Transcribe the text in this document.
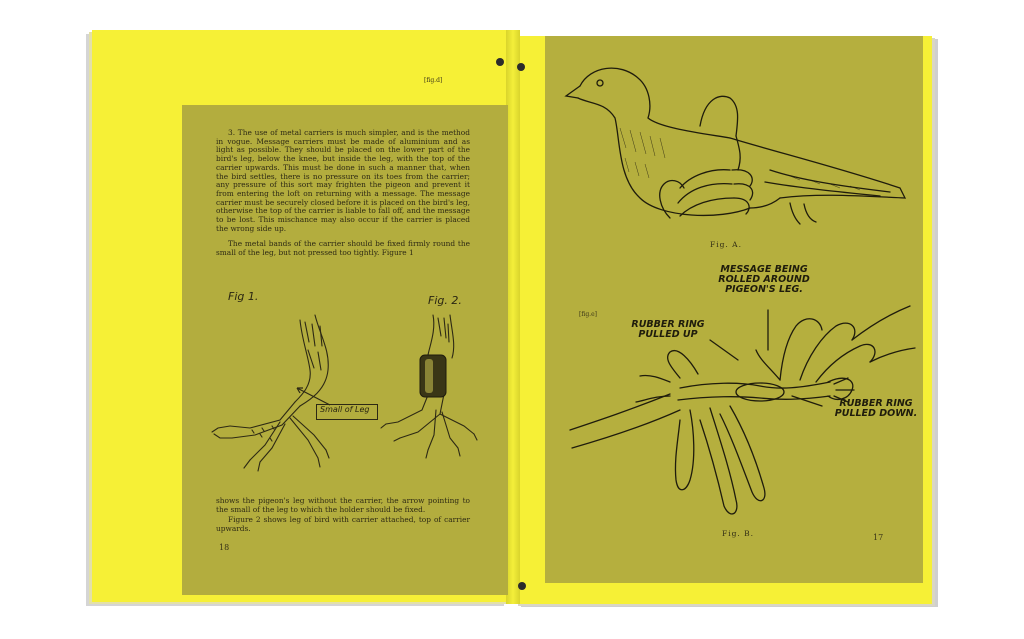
[fig.d]

3. The use of metal carriers is much simpler, and is the method in vogue. Message carriers must be made of aluminium and as light as possible. They should be placed on the lower part of the bird's leg, below the knee, but inside the leg, with the top of the carrier upwards. This must be done in such a manner that, when the bird settles, there is no pressure on its toes from the carrier; any pressure of this sort may frighten the pigeon and prevent it from entering the loft on returning with a message. The message carrier must be securely closed before it is placed on the bird's leg, otherwise the top of the carrier is liable to fall off, and the message to be lost. This mischance may also occur if the carrier is placed the wrong side up.

The metal bands of the carrier should be fixed firmly round the small of the leg, but not pressed too tightly. Figure 1

Fig 1.	Fig. 2.
Small of Leg

shows the pigeon's leg without the carrier, the arrow pointing to the small of the leg to which the holder should be fixed.

Figure 2 shows leg of bird with carrier attached, top of carrier upwards.

18
Fig. A.
[fig.e]
MESSAGE BEING ROLLED AROUND PIGEON'S LEG.
RUBBER RING PULLED UP
RUBBER RING PULLED DOWN.
Fig. B.	17
